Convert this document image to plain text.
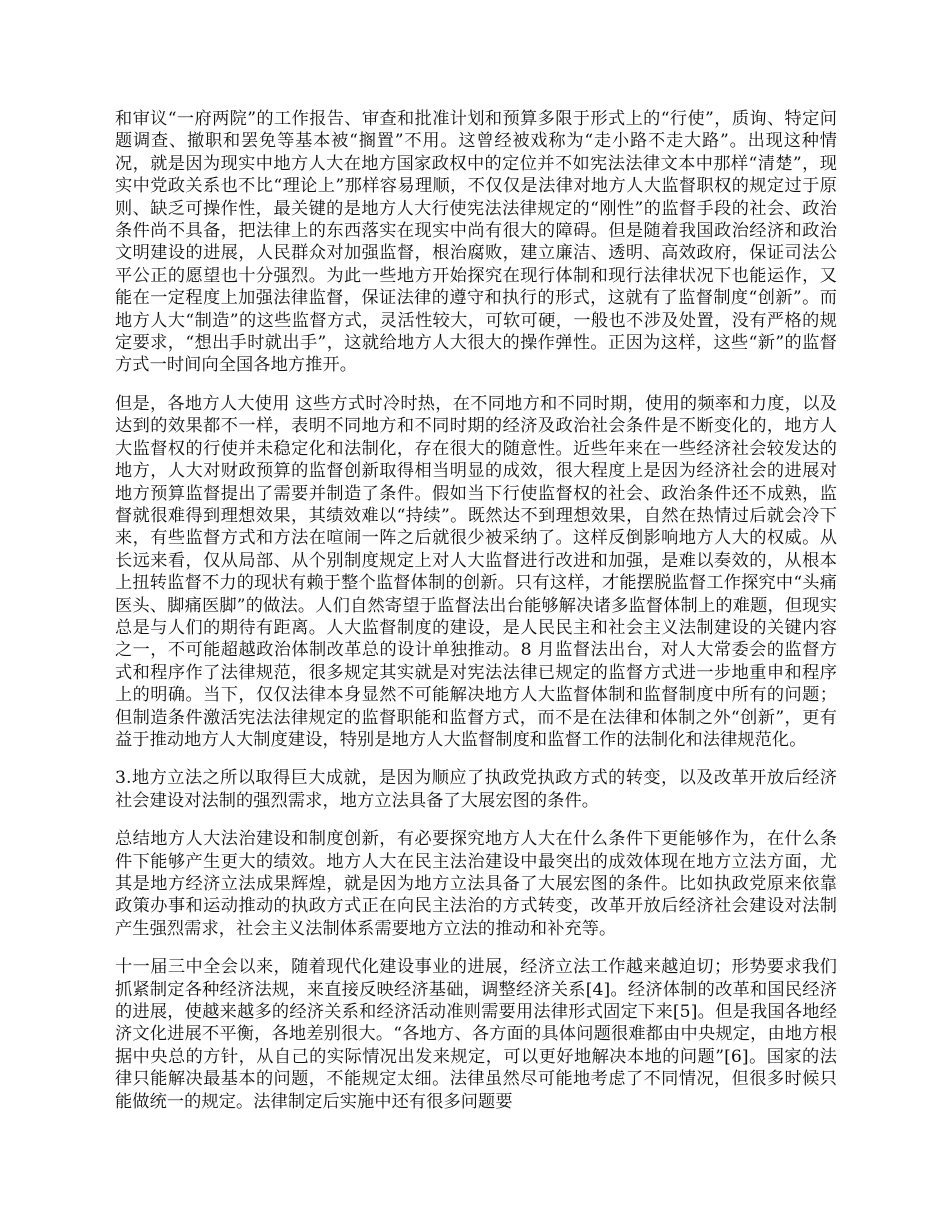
和审议“一府两院”的工作报告、审查和批准计划和预算多限于形式上的“行使”，质询、特定问题调查、撤职和罢免等基本被“搁置”不用。这曾经被戏称为“走小路不走大路”。出现这种情况，就是因为现实中地方人大在地方国家政权中的定位并不如宪法法律文本中那样“清楚”，现实中党政关系也不比“理论上”那样容易理顺，不仅仅是法律对地方人大监督职权的规定过于原则、缺乏可操作性，最关键的是地方人大行使宪法法律规定的“刚性”的监督手段的社会、政治条件尚不具备，把法律上的东西落实在现实中尚有很大的障碍。但是随着我国政治经济和政治文明建设的进展，人民群众对加强监督，根治腐败，建立廉洁、透明、高效政府，保证司法公平公正的愿望也十分强烈。为此一些地方开始探究在现行体制和现行法律状况下也能运作，又能在一定程度上加强法律监督，保证法律的遵守和执行的形式，这就有了监督制度“创新”。而地方人大“制造”的这些监督方式，灵活性较大，可软可硬，一般也不涉及处置，没有严格的规定要求，“想出手时就出手”，这就给地方人大很大的操作弹性。正因为这样，这些“新”的监督方式一时间向全国各地方推开。

但是，各地方人大使用 这些方式时冷时热，在不同地方和不同时期，使用的频率和力度，以及达到的效果都不一样，表明不同地方和不同时期的经济及政治社会条件是不断变化的，地方人大监督权的行使并未稳定化和法制化，存在很大的随意性。近些年来在一些经济社会较发达的地方，人大对财政预算的监督创新取得相当明显的成效，很大程度上是因为经济社会的进展对地方预算监督提出了需要并制造了条件。假如当下行使监督权的社会、政治条件还不成熟，监督就很难得到理想效果，其绩效难以“持续”。既然达不到理想效果，自然在热情过后就会冷下来，有些监督方式和方法在喧闹一阵之后就很少被采纳了。这样反倒影响地方人大的权威。从长远来看，仅从局部、从个别制度规定上对人大监督进行改进和加强，是难以奏效的，从根本上扭转监督不力的现状有赖于整个监督体制的创新。只有这样，才能摆脱监督工作探究中“头痛医头、脚痛医脚”的做法。人们自然寄望于监督法出台能够解决诸多监督体制上的难题，但现实总是与人们的期待有距离。人大监督制度的建设，是人民民主和社会主义法制建设的关键内容之一，不可能超越政治体制改革总的设计单独推动。8 月监督法出台，对人大常委会的监督方式和程序作了法律规范，很多规定其实就是对宪法法律已规定的监督方式进一步地重申和程序上的明确。当下，仅仅法律本身显然不可能解决地方人大监督体制和监督制度中所有的问题；但制造条件激活宪法法律规定的监督职能和监督方式，而不是在法律和体制之外“创新”，更有益于推动地方人大制度建设，特别是地方人大监督制度和监督工作的法制化和法律规范化。

3.地方立法之所以取得巨大成就，是因为顺应了执政党执政方式的转变，以及改革开放后经济社会建设对法制的强烈需求，地方立法具备了大展宏图的条件。

总结地方人大法治建设和制度创新，有必要探究地方人大在什么条件下更能够作为，在什么条件下能够产生更大的绩效。地方人大在民主法治建设中最突出的成效体现在地方立法方面，尤其是地方经济立法成果辉煌，就是因为地方立法具备了大展宏图的条件。比如执政党原来依靠政策办事和运动推动的执政方式正在向民主法治的方式转变，改革开放后经济社会建设对法制产生强烈需求，社会主义法制体系需要地方立法的推动和补充等。

十一届三中全会以来，随着现代化建设事业的进展，经济立法工作越来越迫切；形势要求我们抓紧制定各种经济法规，来直接反映经济基础，调整经济关系[4]。经济体制的改革和国民经济的进展，使越来越多的经济关系和经济活动准则需要用法律形式固定下来[5]。但是我国各地经济文化进展不平衡，各地差别很大。“各地方、各方面的具体问题很难都由中央规定，由地方根据中央总的方针，从自己的实际情况出发来规定，可以更好地解决本地的问题”[6]。国家的法律只能解决最基本的问题，不能规定太细。法律虽然尽可能地考虑了不同情况，但很多时候只能做统一的规定。法律制定后实施中还有很多问题要
